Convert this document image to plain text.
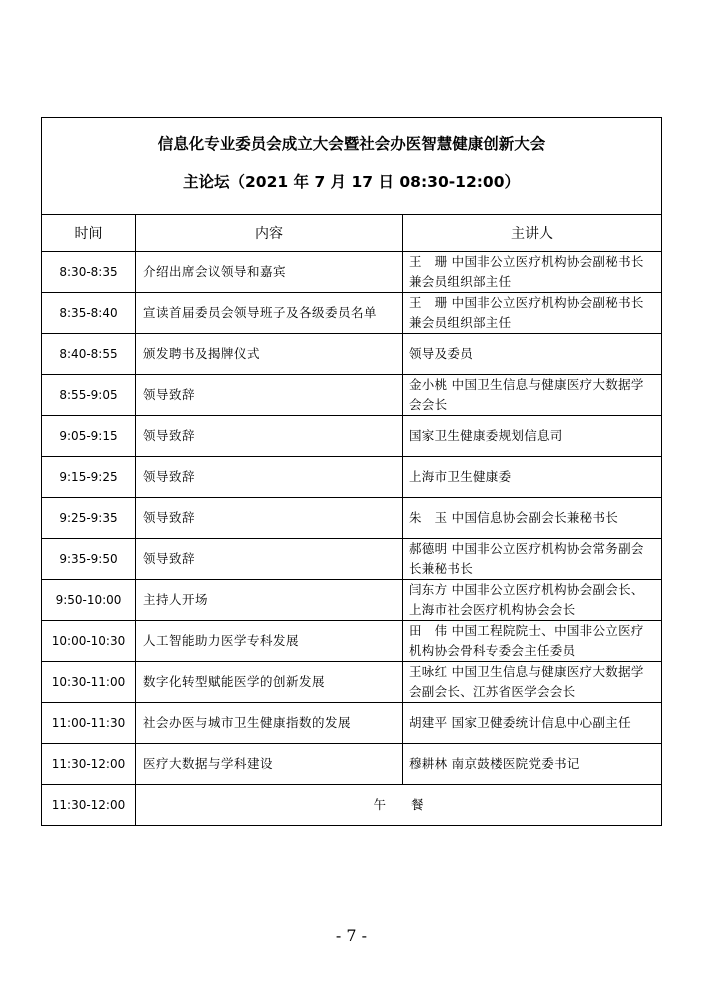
信息化专业委员会成立大会暨社会办医智慧健康创新大会
主论坛（2021 年 7 月 17 日 08:30-12:00）		

时间	内容	主讲人
8:30-8:35	介绍出席会议领导和嘉宾	王　珊 中国非公立医疗机构协会副秘书长兼会员组织部主任
8:35-8:40	宣读首届委员会领导班子及各级委员名单	王　珊 中国非公立医疗机构协会副秘书长兼会员组织部主任
8:40-8:55	颁发聘书及揭牌仪式	领导及委员
8:55-9:05	领导致辞	金小桃 中国卫生信息与健康医疗大数据学会会长
9:05-9:15	领导致辞	国家卫生健康委规划信息司
9:15-9:25	领导致辞	上海市卫生健康委
9:25-9:35	领导致辞	朱　玉 中国信息协会副会长兼秘书长
9:35-9:50	领导致辞	郝德明 中国非公立医疗机构协会常务副会长兼秘书长
9:50-10:00	主持人开场	闫东方 中国非公立医疗机构协会副会长、上海市社会医疗机构协会会长
10:00-10:30	人工智能助力医学专科发展	田　伟 中国工程院院士、中国非公立医疗机构协会骨科专委会主任委员
10:30-11:00	数字化转型赋能医学的创新发展	王咏红 中国卫生信息与健康医疗大数据学会副会长、江苏省医学会会长
11:00-11:30	社会办医与城市卫生健康指数的发展	胡建平 国家卫健委统计信息中心副主任
11:30-12:00	医疗大数据与学科建设	穆耕林 南京鼓楼医院党委书记
11:30-12:00	午　　餐	
- 7 -
